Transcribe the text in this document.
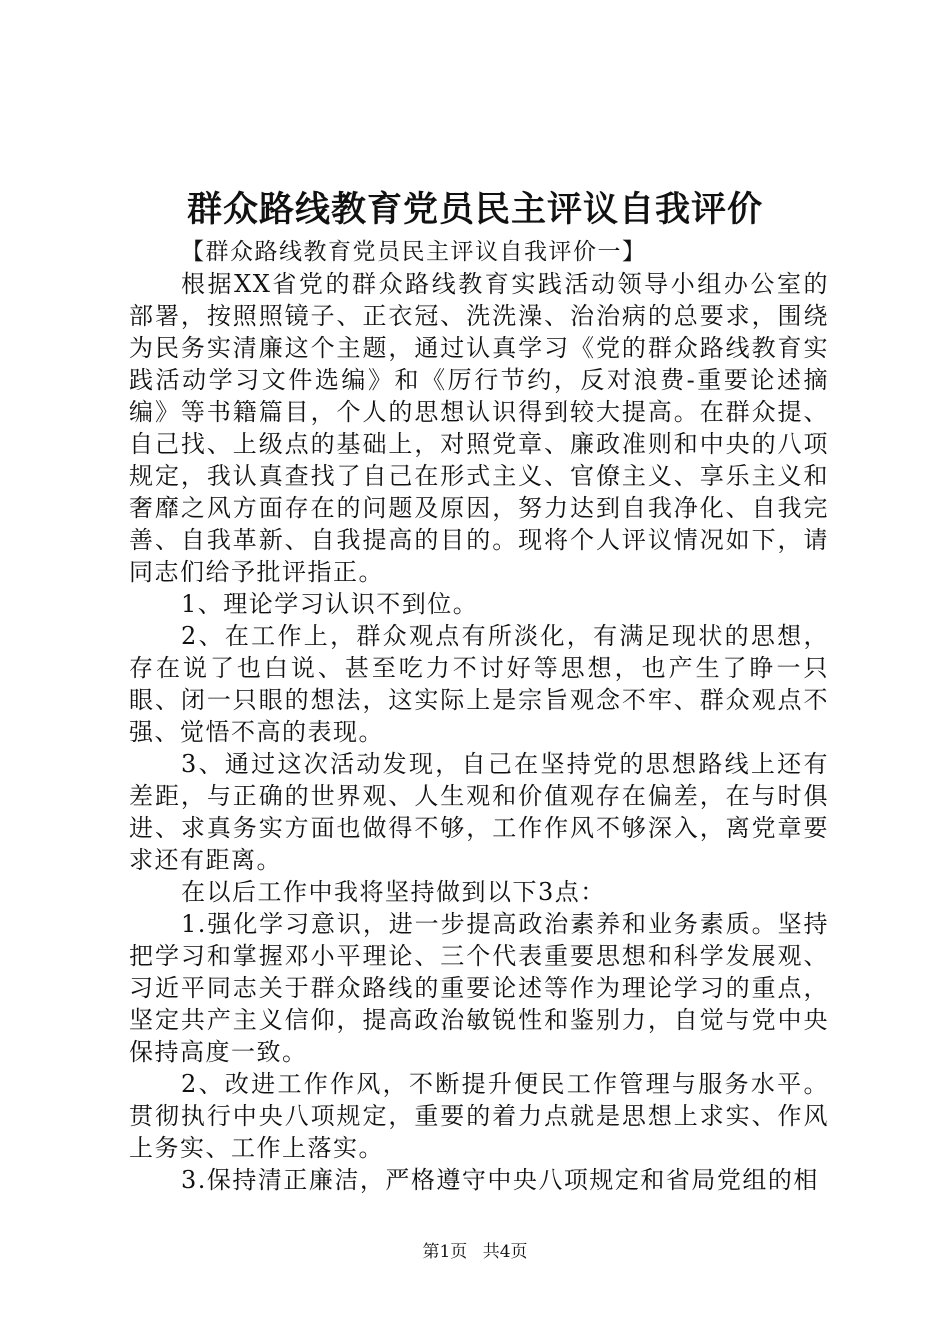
群众路线教育党员民主评议自我评价

【群众路线教育党员民主评议自我评价一】

根据XX省党的群众路线教育实践活动领导小组办公室的部署，按照照镜子、正衣冠、洗洗澡、治治病的总要求，围绕为民务实清廉这个主题，通过认真学习《党的群众路线教育实践活动学习文件选编》和《厉行节约，反对浪费-重要论述摘编》等书籍篇目，个人的思想认识得到较大提高。在群众提、自己找、上级点的基础上，对照党章、廉政准则和中央的八项规定，我认真查找了自己在形式主义、官僚主义、享乐主义和奢靡之风方面存在的问题及原因，努力达到自我净化、自我完善、自我革新、自我提高的目的。现将个人评议情况如下，请同志们给予批评指正。

1、理论学习认识不到位。

2、在工作上，群众观点有所淡化，有满足现状的思想，存在说了也白说、甚至吃力不讨好等思想，也产生了睁一只眼、闭一只眼的想法，这实际上是宗旨观念不牢、群众观点不强、觉悟不高的表现。

3、通过这次活动发现，自己在坚持党的思想路线上还有差距，与正确的世界观、人生观和价值观存在偏差，在与时俱进、求真务实方面也做得不够，工作作风不够深入，离党章要求还有距离。

在以后工作中我将坚持做到以下3点：

1.强化学习意识，进一步提高政治素养和业务素质。坚持把学习和掌握邓小平理论、三个代表重要思想和科学发展观、习近平同志关于群众路线的重要论述等作为理论学习的重点，坚定共产主义信仰，提高政治敏锐性和鉴别力，自觉与党中央保持高度一致。

2、改进工作作风，不断提升便民工作管理与服务水平。贯彻执行中央八项规定，重要的着力点就是思想上求实、作风上务实、工作上落实。

3.保持清正廉洁，严格遵守中央八项规定和省局党组的相

第1页 共4页
